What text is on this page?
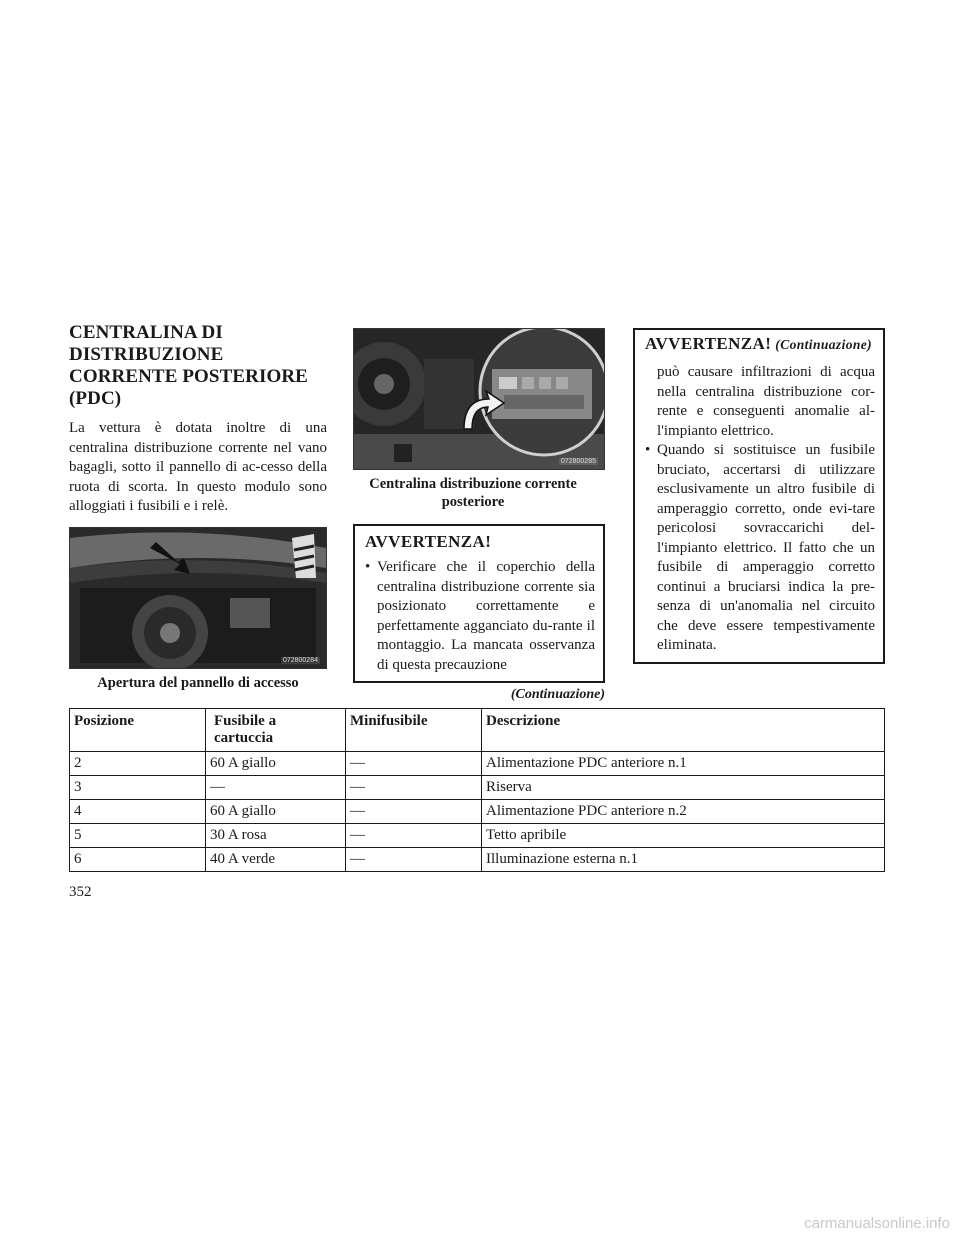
CENTRALINA DI
DISTRIBUZIONE
CORRENTE POSTERIORE
(PDC)

La vettura è dotata inoltre di una centralina distribuzione corrente nel vano bagagli, sotto il pannello di ac-cesso della ruota di scorta. In questo modulo sono alloggiati i fusibili e i relè.

072800284
Apertura del pannello di accesso
072800285
Centralina distribuzione corrente posteriore
AVVERTENZA!
• Verificare che il coperchio della centralina distribuzione corrente sia posizionato correttamente e perfettamente agganciato du-rante il montaggio. La mancata osservanza di questa precauzione
(Continuazione)
AVVERTENZA! (Continuazione)
può causare infiltrazioni di acqua nella centralina distribuzione cor-rente e conseguenti anomalie al-l'impianto elettrico.
• Quando si sostituisce un fusibile bruciato, accertarsi di utilizzare esclusivamente un altro fusibile di amperaggio corretto, onde evi-tare pericolosi sovraccarichi del-l'impianto elettrico. Il fatto che un fusibile di amperaggio corretto continui a bruciarsi indica la pre-senza di un'anomalia nel circuito che deve essere tempestivamente eliminata.
Posizione	Fusibile a cartuccia	Minifusibile	Descrizione
2	60 A giallo	—	Alimentazione PDC anteriore n.1
3	—	—	Riserva
4	60 A giallo	—	Alimentazione PDC anteriore n.2
5	30 A rosa	—	Tetto apribile
6	40 A verde	—	Illuminazione esterna n.1
352
carmanualsonline.info
